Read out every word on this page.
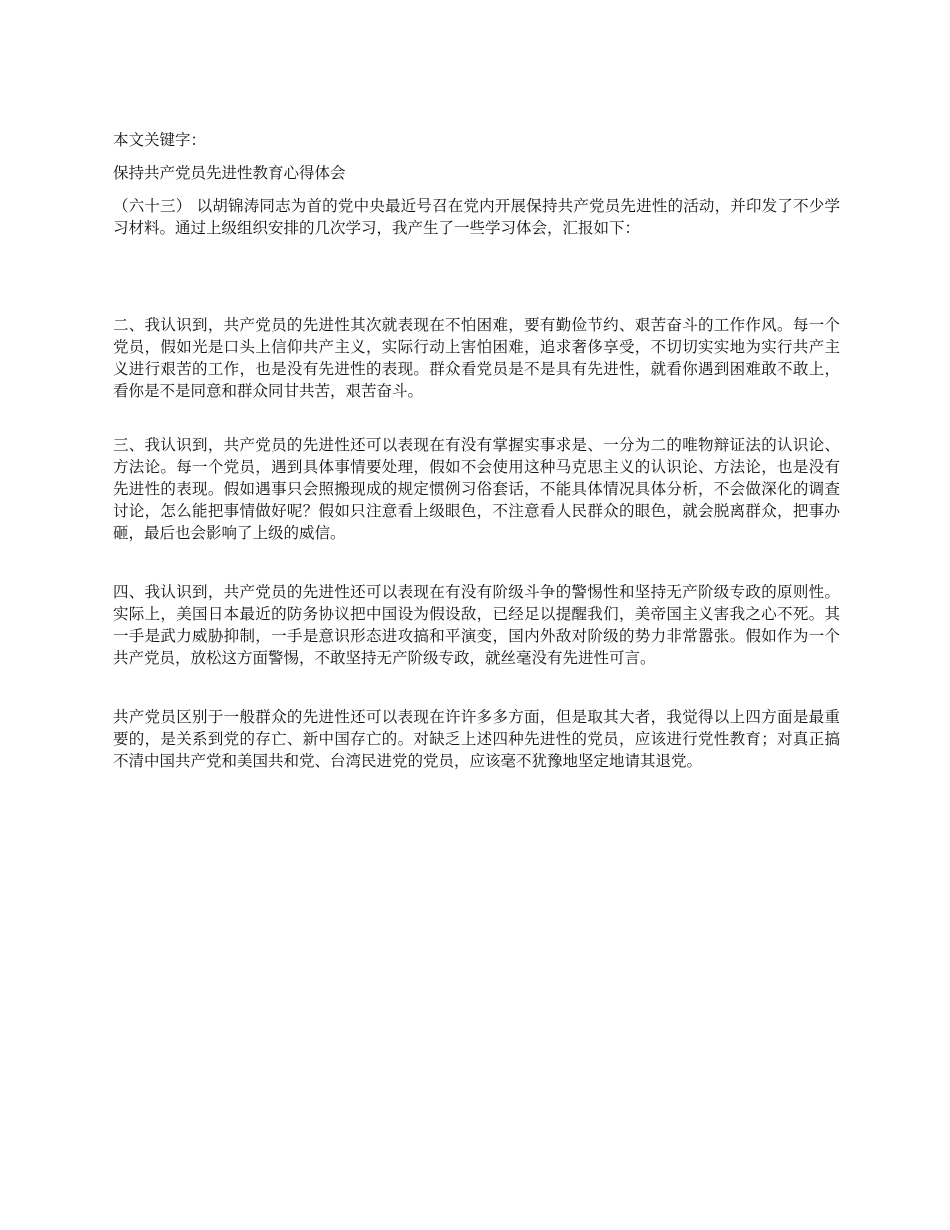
本文关键字：

保持共产党员先进性教育心得体会

（六十三） 以胡锦涛同志为首的党中央最近号召在党内开展保持共产党员先进性的活动，并印发了不少学习材料。通过上级组织安排的几次学习，我产生了一些学习体会，汇报如下：

二、我认识到，共产党员的先进性其次就表现在不怕困难，要有勤俭节约、艰苦奋斗的工作作风。每一个党员，假如光是口头上信仰共产主义，实际行动上害怕困难，追求奢侈享受，不切切实实地为实行共产主义进行艰苦的工作，也是没有先进性的表现。群众看党员是不是具有先进性，就看你遇到困难敢不敢上，看你是不是同意和群众同甘共苦，艰苦奋斗。

三、我认识到，共产党员的先进性还可以表现在有没有掌握实事求是、一分为二的唯物辩证法的认识论、方法论。每一个党员，遇到具体事情要处理，假如不会使用这种马克思主义的认识论、方法论，也是没有先进性的表现。假如遇事只会照搬现成的规定惯例习俗套话，不能具体情况具体分析，不会做深化的调查讨论，怎么能把事情做好呢？假如只注意看上级眼色，不注意看人民群众的眼色，就会脱离群众，把事办砸，最后也会影响了上级的威信。

四、我认识到，共产党员的先进性还可以表现在有没有阶级斗争的警惕性和坚持无产阶级专政的原则性。实际上，美国日本最近的防务协议把中国设为假设敌，已经足以提醒我们，美帝国主义害我之心不死。其一手是武力威胁抑制，一手是意识形态进攻搞和平演变，国内外敌对阶级的势力非常嚣张。假如作为一个共产党员，放松这方面警惕，不敢坚持无产阶级专政，就丝毫没有先进性可言。

共产党员区别于一般群众的先进性还可以表现在许许多多方面，但是取其大者，我觉得以上四方面是最重要的，是关系到党的存亡、新中国存亡的。对缺乏上述四种先进性的党员，应该进行党性教育；对真正搞不清中国共产党和美国共和党、台湾民进党的党员，应该毫不犹豫地坚定地请其退党。
